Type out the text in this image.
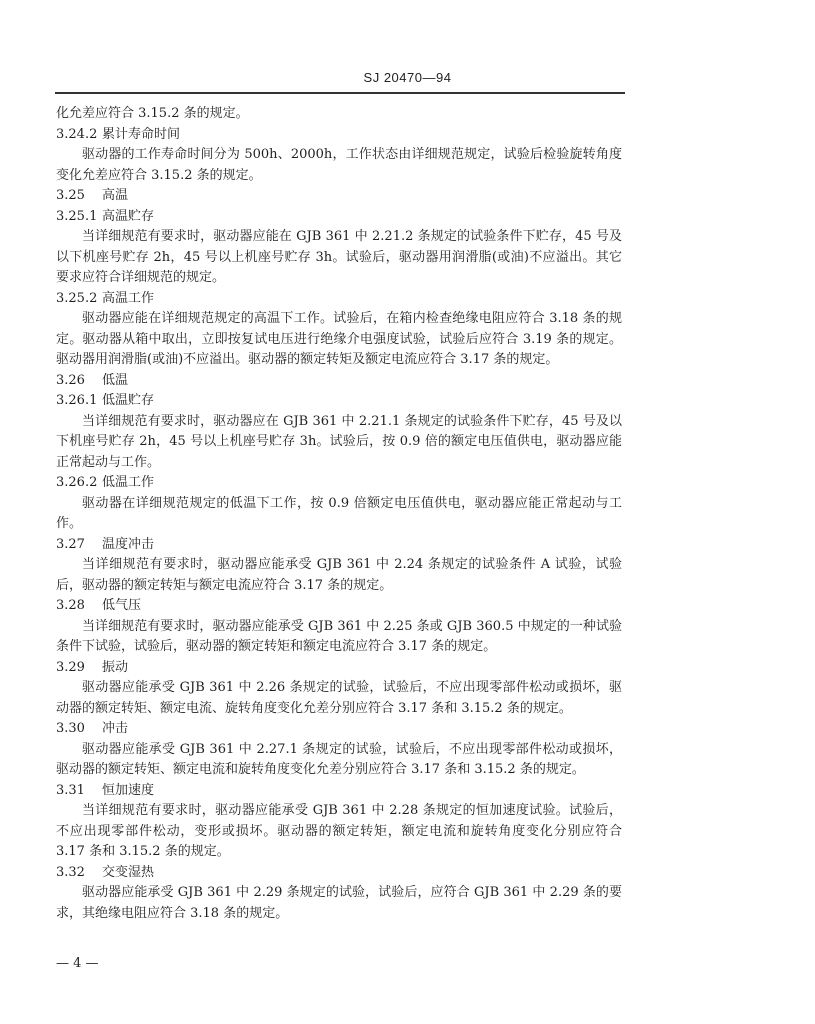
SJ 20470—94
化允差应符合 3.15.2 条的规定。
3.24.2 累计寿命时间
驱动器的工作寿命时间分为 500h、2000h，工作状态由详细规范规定，试验后检验旋转角度变化允差应符合 3.15.2 条的规定。
3.25 高温
3.25.1 高温贮存
当详细规范有要求时，驱动器应能在 GJB 361 中 2.21.2 条规定的试验条件下贮存，45 号及以下机座号贮存 2h，45 号以上机座号贮存 3h。试验后，驱动器用润滑脂(或油)不应溢出。其它要求应符合详细规范的规定。
3.25.2 高温工作
驱动器应能在详细规范规定的高温下工作。试验后，在箱内检查绝缘电阻应符合 3.18 条的规定。驱动器从箱中取出，立即按复试电压进行绝缘介电强度试验，试验后应符合 3.19 条的规定。驱动器用润滑脂(或油)不应溢出。驱动器的额定转矩及额定电流应符合 3.17 条的规定。
3.26 低温
3.26.1 低温贮存
当详细规范有要求时，驱动器应在 GJB 361 中 2.21.1 条规定的试验条件下贮存，45 号及以下机座号贮存 2h，45 号以上机座号贮存 3h。试验后，按 0.9 倍的额定电压值供电，驱动器应能正常起动与工作。
3.26.2 低温工作
驱动器在详细规范规定的低温下工作，按 0.9 倍额定电压值供电，驱动器应能正常起动与工作。
3.27 温度冲击
当详细规范有要求时，驱动器应能承受 GJB 361 中 2.24 条规定的试验条件 A 试验，试验后，驱动器的额定转矩与额定电流应符合 3.17 条的规定。
3.28 低气压
当详细规范有要求时，驱动器应能承受 GJB 361 中 2.25 条或 GJB 360.5 中规定的一种试验条件下试验，试验后，驱动器的额定转矩和额定电流应符合 3.17 条的规定。
3.29 振动
驱动器应能承受 GJB 361 中 2.26 条规定的试验，试验后，不应出现零部件松动或损坏，驱动器的额定转矩、额定电流、旋转角度变化允差分别应符合 3.17 条和 3.15.2 条的规定。
3.30 冲击
驱动器应能承受 GJB 361 中 2.27.1 条规定的试验，试验后，不应出现零部件松动或损坏，驱动器的额定转矩、额定电流和旋转角度变化允差分别应符合 3.17 条和 3.15.2 条的规定。
3.31 恒加速度
当详细规范有要求时，驱动器应能承受 GJB 361 中 2.28 条规定的恒加速度试验。试验后，不应出现零部件松动，变形或损坏。驱动器的额定转矩，额定电流和旋转角度变化分别应符合 3.17 条和 3.15.2 条的规定。
3.32 交变湿热
驱动器应能承受 GJB 361 中 2.29 条规定的试验，试验后，应符合 GJB 361 中 2.29 条的要求，其绝缘电阻应符合 3.18 条的规定。
— 4 —
